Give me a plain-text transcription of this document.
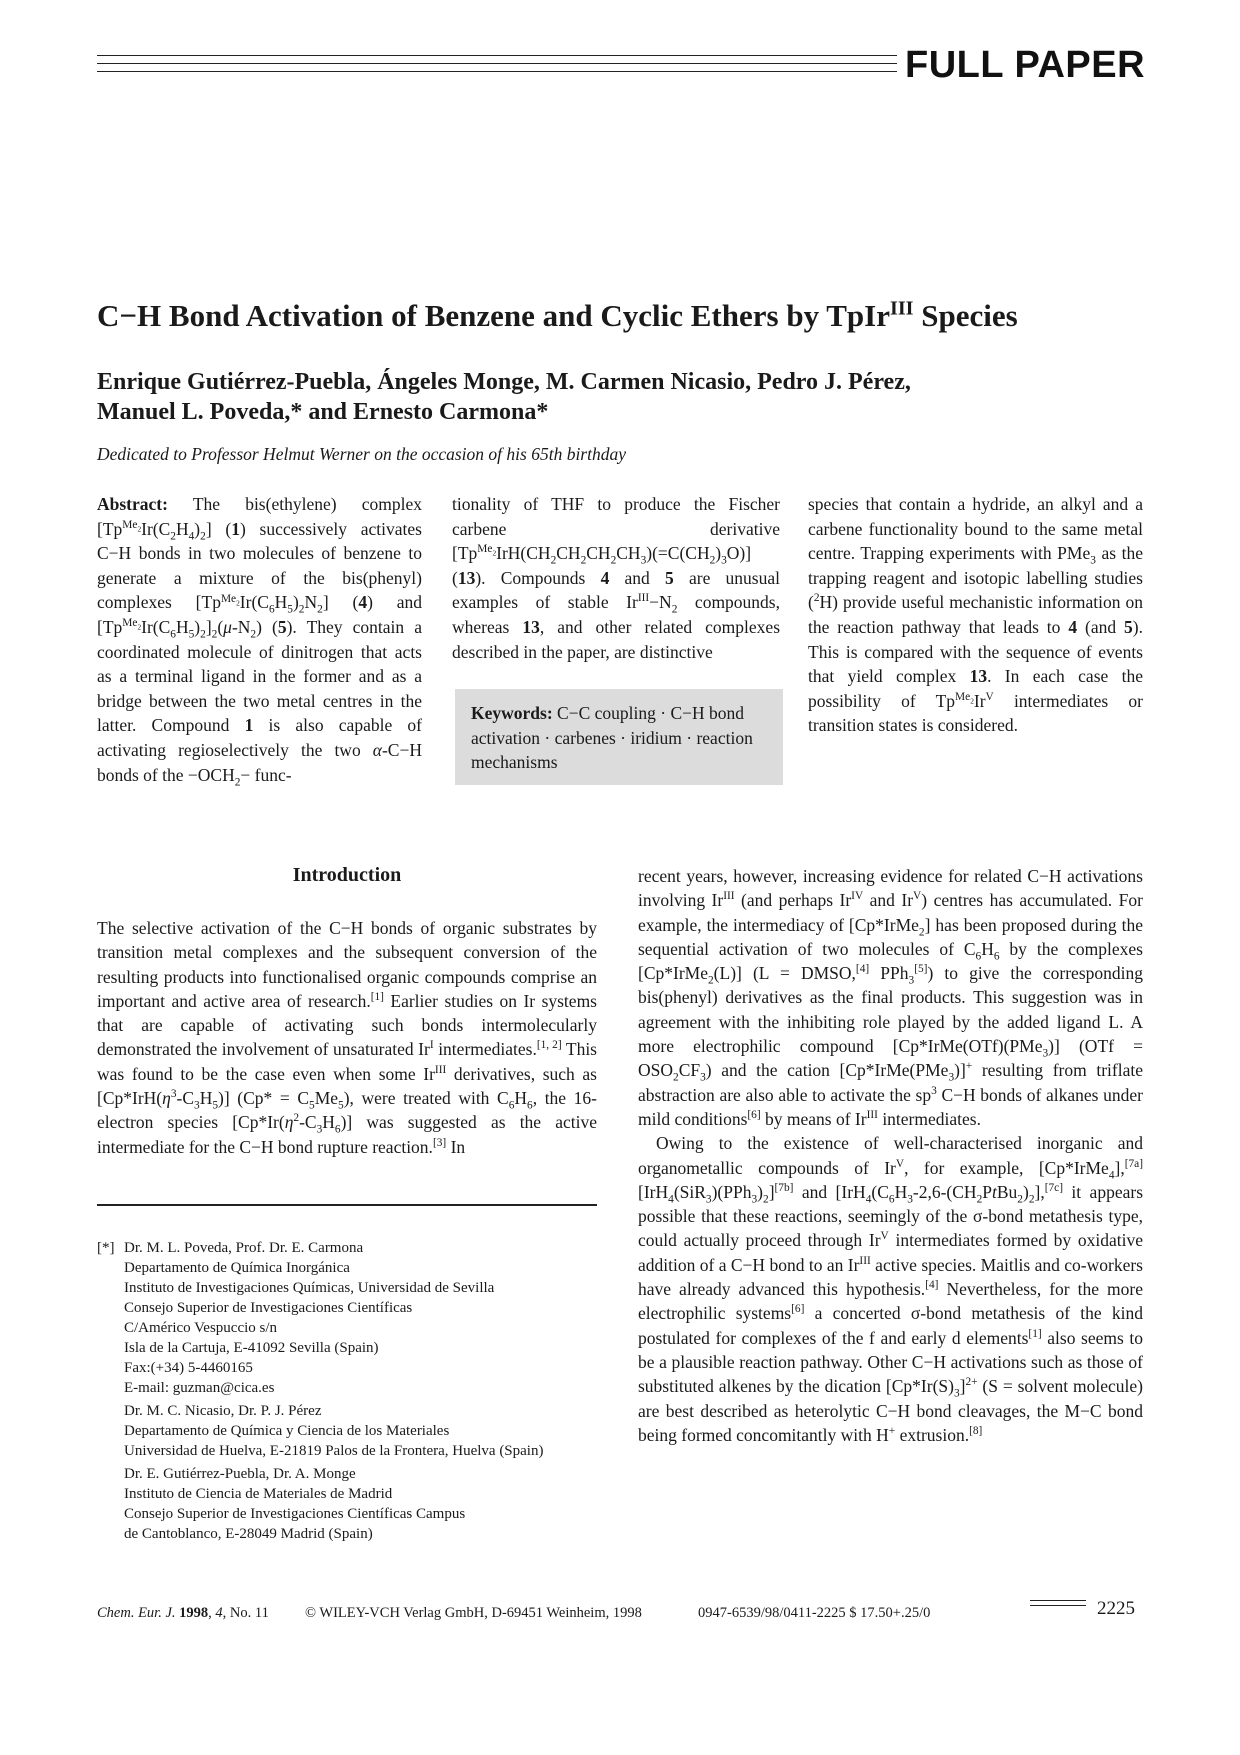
FULL PAPER
C−H Bond Activation of Benzene and Cyclic Ethers by TpIr$^{III}$ Species
Enrique Gutiérrez-Puebla, Ángeles Monge, M. Carmen Nicasio, Pedro J. Pérez,
Manuel L. Poveda,* and Ernesto Carmona*
Dedicated to Professor Helmut Werner on the occasion of his 65th birthday
Abstract: The bis(ethylene) complex $[Tp^{Me_2}Ir(C_2H_4)_2]$ (1) successively activates C−H bonds in two molecules of benzene to generate a mixture of the bis(phenyl) complexes $[Tp^{Me_2}Ir(C_6H_5)_2N_2]$ (4) and $[Tp^{Me_2}Ir(C_6H_5)_2]_2(\mu-N_2)$ (5). They contain a coordinated molecule of dinitrogen that acts as a terminal ligand in the former and as a bridge between the two metal centres in the latter. Compound 1 is also capable of activating regioselectively the two α-C−H bonds of the $-OCH_2-$ func-
tionality of THF to produce the Fischer carbene derivative $[Tp^{Me_2}IrH(CH_2CH_2CH_2CH_3)(=C(CH_2)_3O)]$ (13). Compounds 4 and 5 are unusual examples of stable $Ir^{III}-N_2$ compounds, whereas 13, and other related complexes described in the paper, are distinctive
Keywords: C−C coupling · C−H bond activation · carbenes · iridium · reaction mechanisms
species that contain a hydride, an alkyl and a carbene functionality bound to the same metal centre. Trapping experiments with PMe$_3$ as the trapping reagent and isotopic labelling studies ($^2$H) provide useful mechanistic information on the reaction pathway that leads to 4 (and 5). This is compared with the sequence of events that yield complex 13. In each case the possibility of $Tp^{Me_2}Ir^V$ intermediates or transition states is considered.
Introduction
The selective activation of the C−H bonds of organic substrates by transition metal complexes and the subsequent conversion of the resulting products into functionalised organic compounds comprise an important and active area of research.[1] Earlier studies on Ir systems that are capable of activating such bonds intermolecularly demonstrated the involvement of unsaturated $Ir^I$ intermediates.[1, 2] This was found to be the case even when some $Ir^{III}$ derivatives, such as $[Cp*IrH(\eta^3-C_3H_5)] (Cp* = C_5Me_5)$, were treated with $C_6H_6$, the 16-electron species $[Cp*Ir(\eta^2-C_3H_6)]$ was suggested as the active intermediate for the C−H bond rupture reaction.[3] In
[*] Dr. M. L. Poveda, Prof. Dr. E. Carmona
Departamento de Química Inorgánica
Instituto de Investigaciones Químicas, Universidad de Sevilla
Consejo Superior de Investigaciones Científicas
C/Américo Vespuccio s/n
Isla de la Cartuja, E-41092 Sevilla (Spain)
Fax:(+34) 5-4460165
E-mail: guzman@cica.es
Dr. M. C. Nicasio, Dr. P. J. Pérez
Departamento de Química y Ciencia de los Materiales
Universidad de Huelva, E-21819 Palos de la Frontera, Huelva (Spain)
Dr. E. Gutiérrez-Puebla, Dr. A. Monge
Instituto de Ciencia de Materiales de Madrid
Consejo Superior de Investigaciones Científicas Campus
de Cantoblanco, E-28049 Madrid (Spain)

recent years, however, increasing evidence for related C−H activations involving $Ir^{III}$ (and perhaps $Ir^{IV}$ and $Ir^V$) centres has accumulated. For example, the intermediacy of [Cp*IrMe$_2$] has been proposed during the sequential activation of two molecules of $C_6H_6$ by the complexes [Cp*IrMe$_2$(L)] (L = DMSO,[4] PPh$_3$[5]) to give the corresponding bis(phenyl) derivatives as the final products. This suggestion was in agreement with the inhibiting role played by the added ligand L. A more electrophilic compound [Cp*IrMe(OTf)(PMe$_3$)] $(OTf = OSO_2CF_3)$ and the cation [Cp*IrMe(PMe$_3$)]+ resulting from triflate abstraction are also able to activate the $sp^3$ C−H bonds of alkanes under mild conditions[6] by means of $Ir^{III}$ intermediates.

Owing to the existence of well-characterised inorganic and organometallic compounds of $Ir^V$, for example, [Cp*IrMe$_4$],[7a] $[IrH_4(SiR_3)(PPh_3)_2][7b]$ and [$IrH_4(C_6H_3-2,6-(CH_2PtBu_2)_2],[7c]$ it appears possible that these reactions, seemingly of the σ-bond metathesis type, could actually proceed through $Ir^V$ intermediates formed by oxidative addition of a C−H bond to an $Ir^{III}$ active species. Maitlis and co-workers have already advanced this hypothesis.[4] Nevertheless, for the more electrophilic systems[6] a concerted σ-bond metathesis of the kind postulated for complexes of the f and early d elements[1] also seems to be a plausible reaction pathway. Other C−H activations such as those of substituted alkenes by the dication $[Cp*Ir(S)_3]^{2+}$ (S = solvent molecule) are best described as heterolytic C−H bond cleavages, the M−C bond being formed concomitantly with H+ extrusion.[8]

Chem. Eur. J. 1998, 4, No. 11 © WILEY-VCH Verlag GmbH, D-69451 Weinheim, 1998	0947-6539/98/0411-2225 $ 17.50+.25/0	2225
